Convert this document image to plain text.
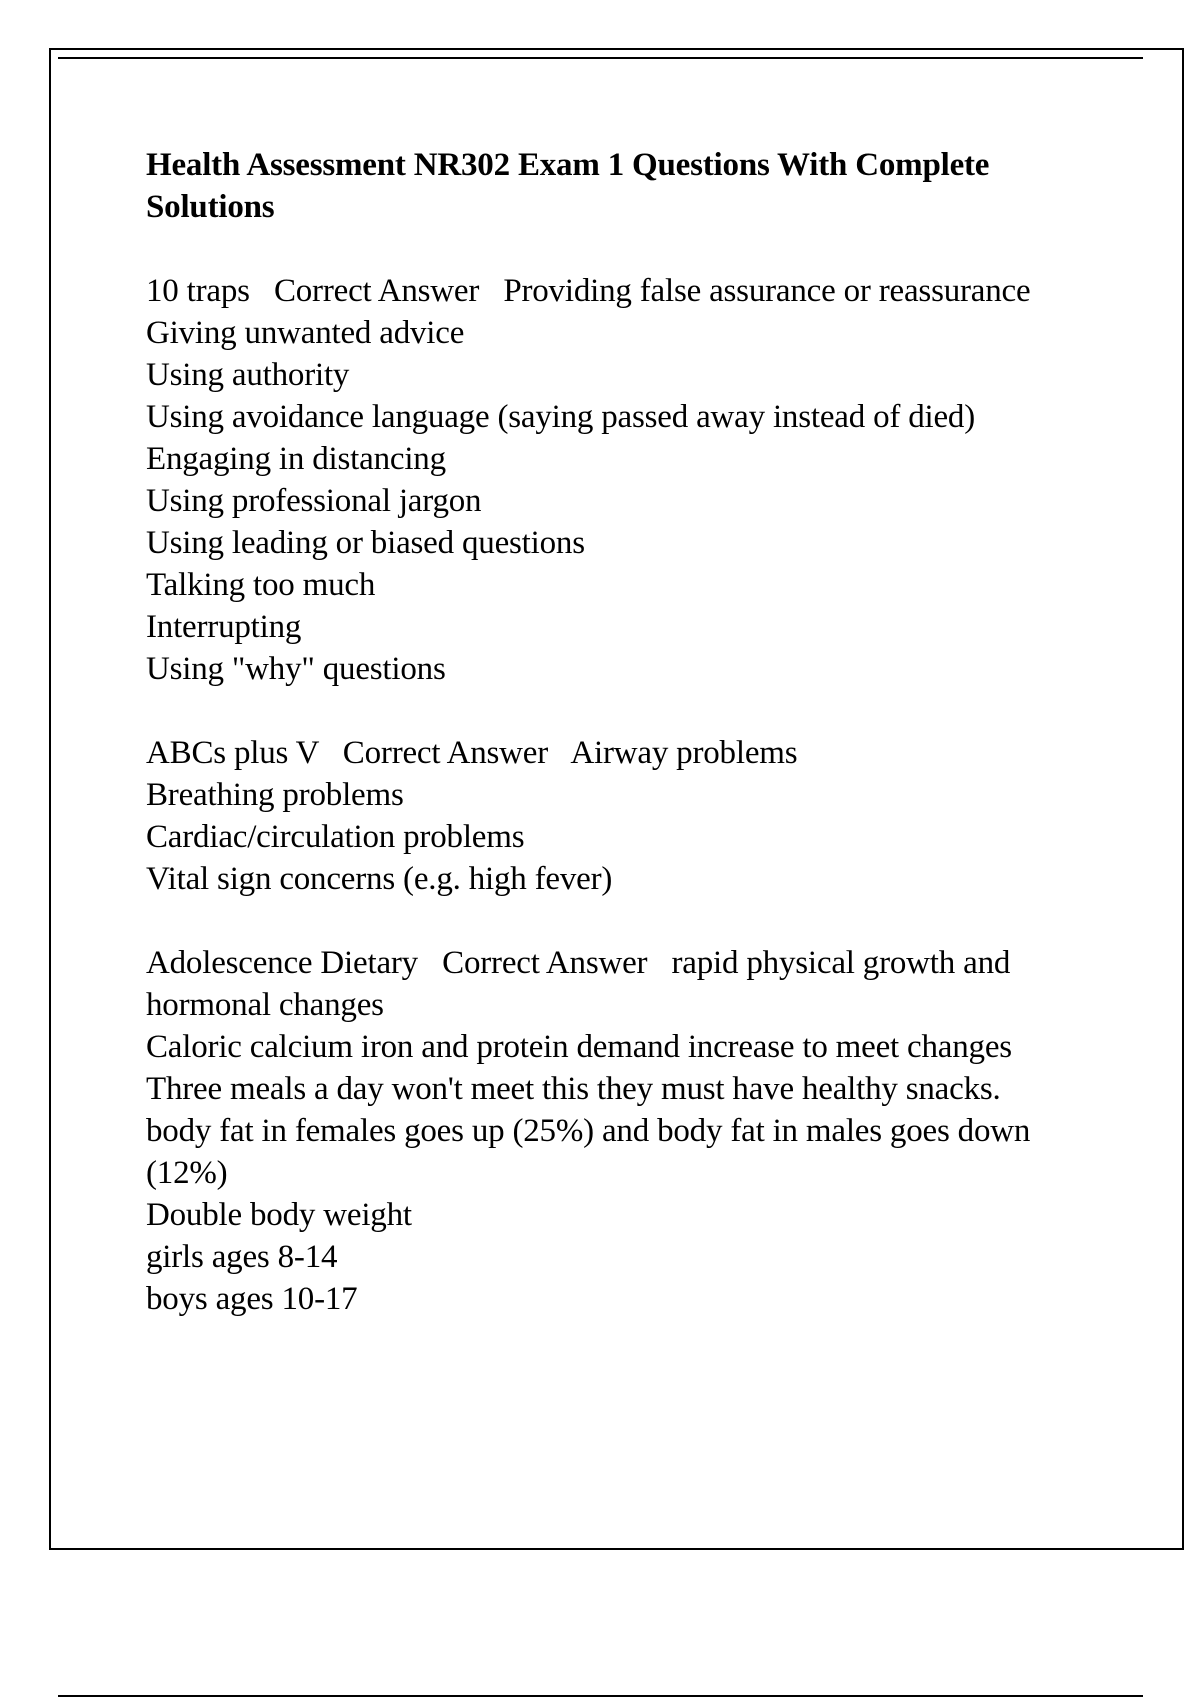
Health Assessment NR302 Exam 1 Questions With Complete Solutions
10 traps   Correct Answer   Providing false assurance or reassurance
Giving unwanted advice
Using authority
Using avoidance language (saying passed away instead of died)
Engaging in distancing
Using professional jargon
Using leading or biased questions
Talking too much
Interrupting
Using "why" questions
ABCs plus V   Correct Answer   Airway problems
Breathing problems
Cardiac/circulation problems
Vital sign concerns (e.g. high fever)
Adolescence Dietary   Correct Answer   rapid physical growth and hormonal changes
Caloric calcium iron and protein demand increase to meet changes
Three meals a day won't meet this they must have healthy snacks.
body fat in females goes up (25%) and body fat in males goes down (12%)
Double body weight
girls ages 8-14
boys ages 10-17
